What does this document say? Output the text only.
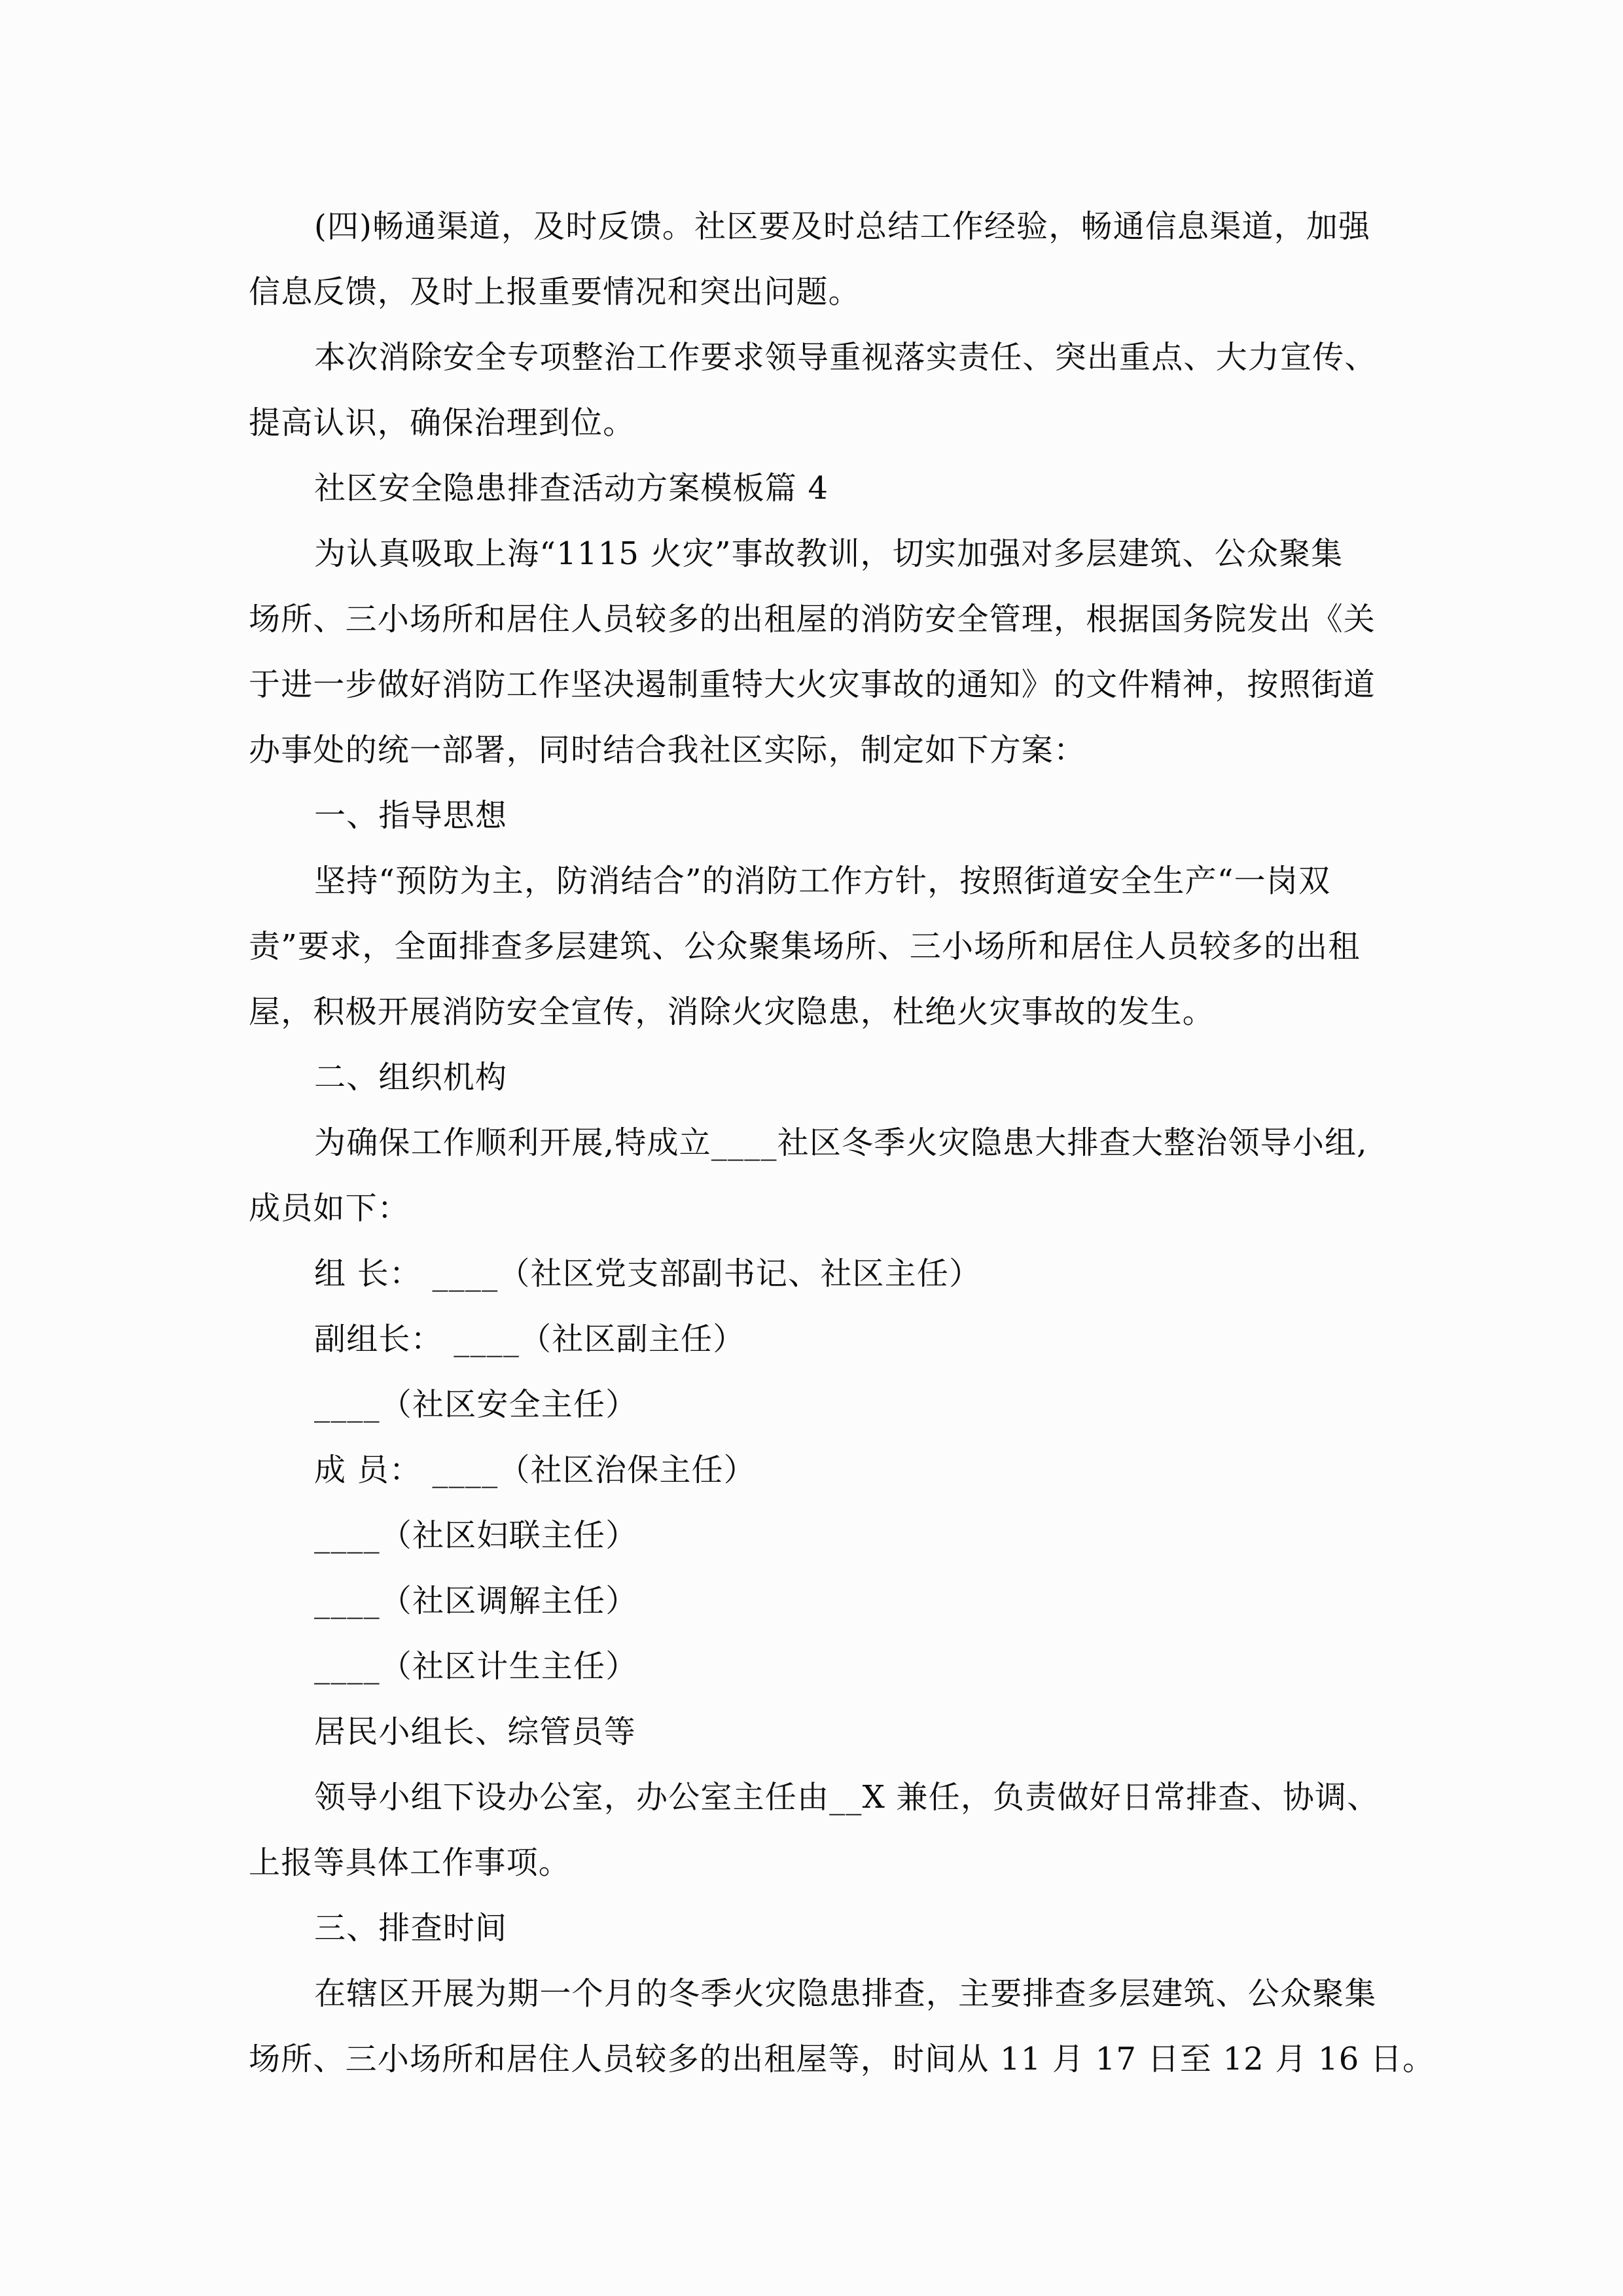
(四)畅通渠道，及时反馈。社区要及时总结工作经验，畅通信息渠道，加强
信息反馈，及时上报重要情况和突出问题。
本次消除安全专项整治工作要求领导重视落实责任、突出重点、大力宣传、
提高认识，确保治理到位。
社区安全隐患排查活动方案模板篇 4
为认真吸取上海“1115 火灾”事故教训，切实加强对多层建筑、公众聚集
场所、三小场所和居住人员较多的出租屋的消防安全管理，根据国务院发出《关
于进一步做好消防工作坚决遏制重特大火灾事故的通知》的文件精神，按照街道
办事处的统一部署，同时结合我社区实际，制定如下方案：
一、指导思想
坚持“预防为主，防消结合”的消防工作方针，按照街道安全生产“一岗双
责”要求，全面排查多层建筑、公众聚集场所、三小场所和居住人员较多的出租
屋，积极开展消防安全宣传，消除火灾隐患，杜绝火灾事故的发生。
二、组织机构
为确保工作顺利开展,特成立____社区冬季火灾隐患大排查大整治领导小组,
成员如下：
组 长： ____（社区党支部副书记、社区主任）
副组长： ____（社区副主任）
____（社区安全主任）
成 员： ____（社区治保主任）
____（社区妇联主任）
____（社区调解主任）
____（社区计生主任）
居民小组长、综管员等
领导小组下设办公室，办公室主任由__X 兼任，负责做好日常排查、协调、
上报等具体工作事项。
三、排查时间
在辖区开展为期一个月的冬季火灾隐患排查，主要排查多层建筑、公众聚集
场所、三小场所和居住人员较多的出租屋等，时间从 11 月 17 日至 12 月 16 日。
